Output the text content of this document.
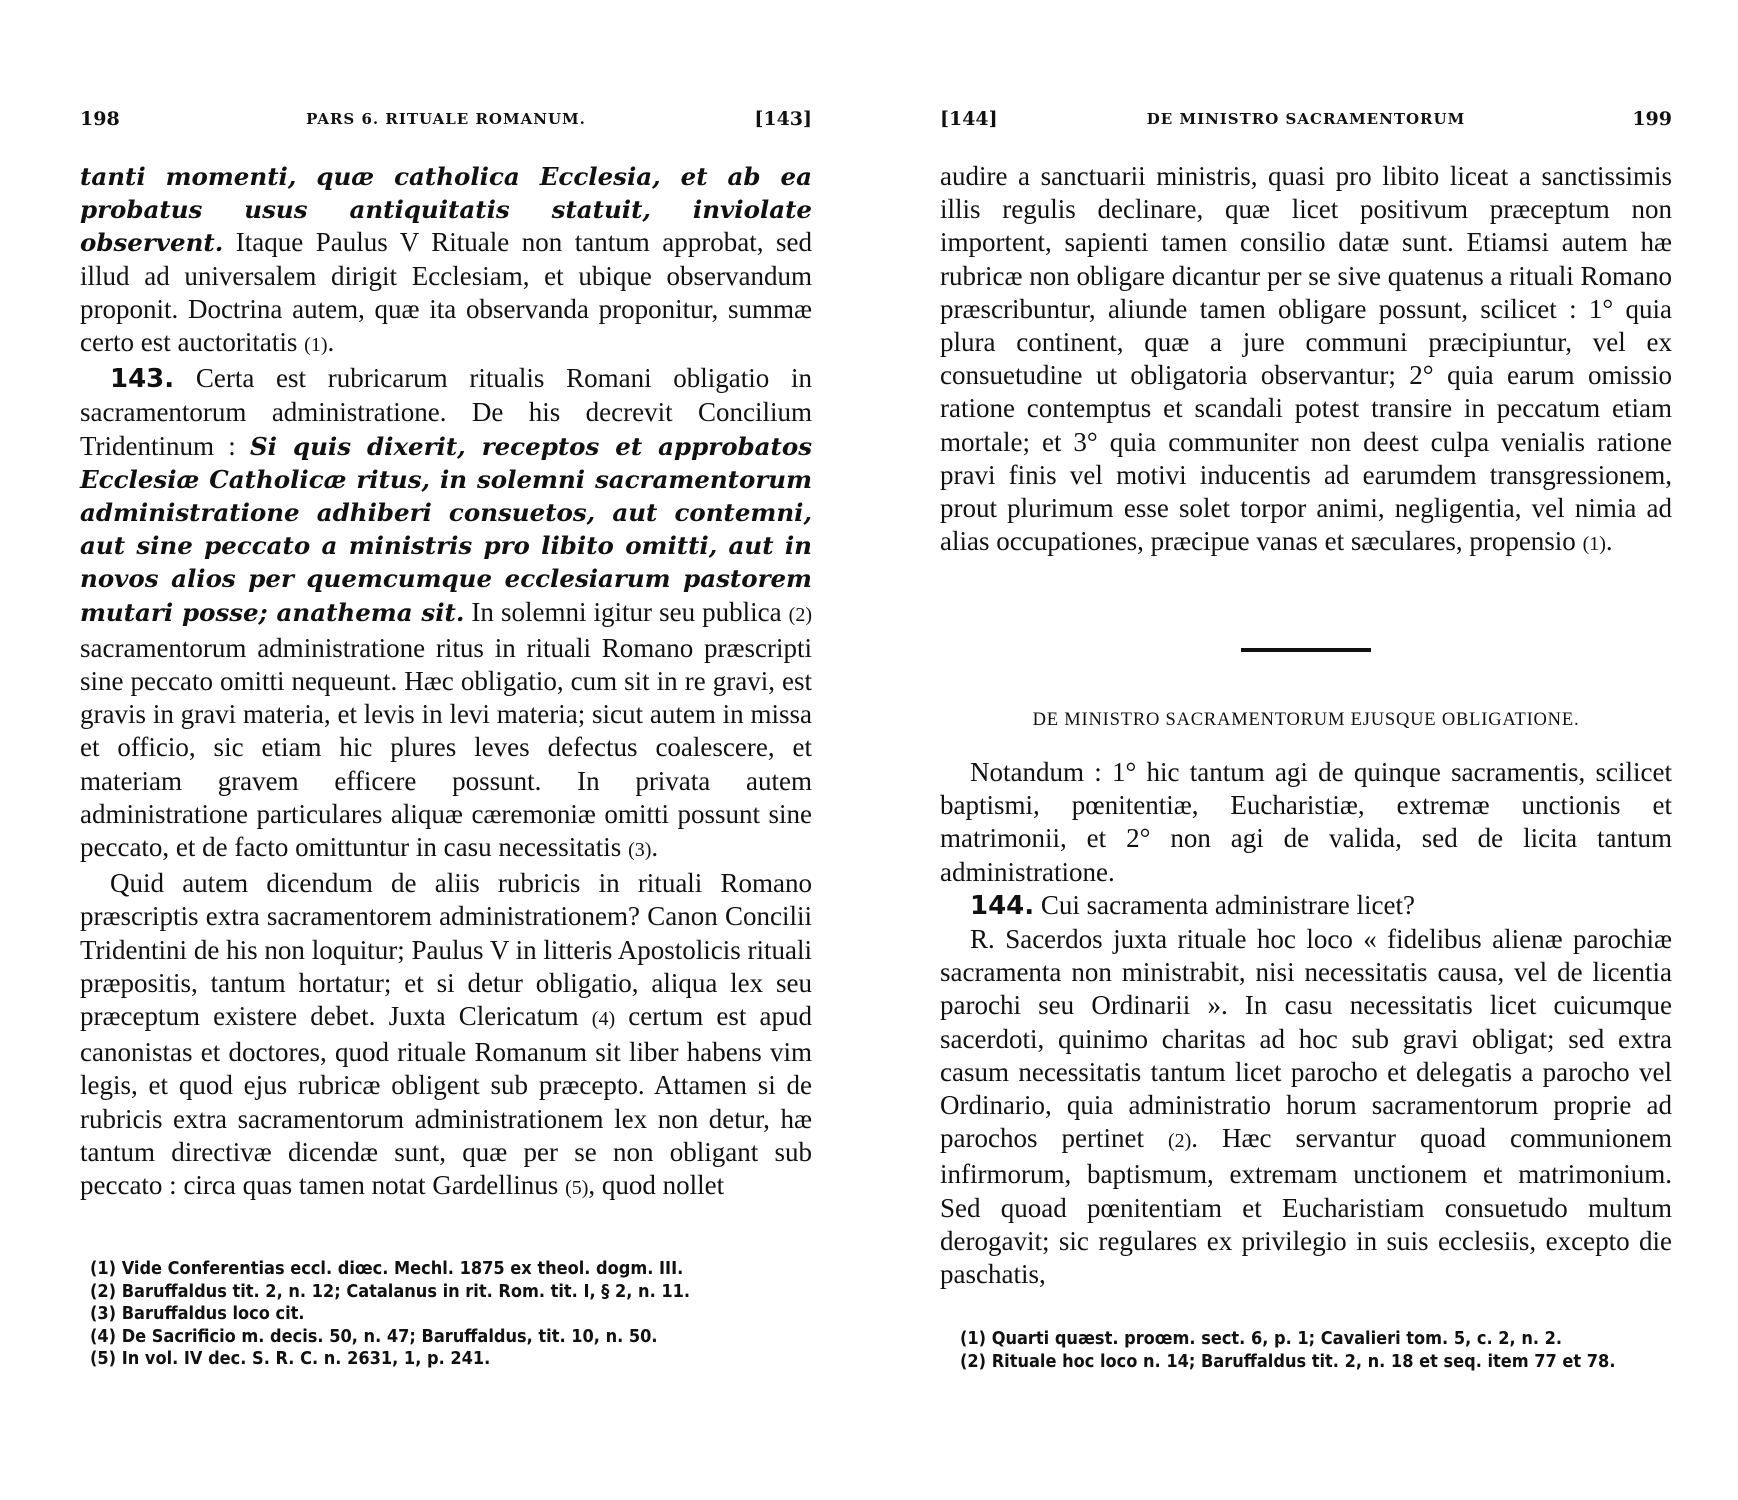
198	PARS 6. RITUALE ROMANUM.	[143]

tanti momenti, quæ catholica Ecclesia, et ab ea probatus usus antiquitatis statuit, inviolate observent. Itaque Paulus V Rituale non tantum approbat, sed illud ad universalem dirigit Ecclesiam, et ubique observandum proponit. Doctrina autem, quæ ita observanda proponitur, summæ certo est auctoritatis (1).

143. Certa est rubricarum ritualis Romani obligatio in sacramentorum administratione. De his decrevit Concilium Tridentinum : Si quis dixerit, receptos et approbatos Ecclesiæ Catholicæ ritus, in solemni sacramentorum administratione adhiberi consuetos, aut contemni, aut sine peccato a ministris pro libito omitti, aut in novos alios per quemcumque ecclesiarum pastorem mutari posse; anathema sit. In solemni igitur seu publica (2) sacramentorum administratione ritus in rituali Romano præscripti sine peccato omitti nequeunt. Hæc obligatio, cum sit in re gravi, est gravis in gravi materia, et levis in levi materia; sicut autem in missa et officio, sic etiam hic plures leves defectus coalescere, et materiam gravem efficere possunt. In privata autem administratione particulares aliquæ cæremoniæ omitti possunt sine peccato, et de facto omittuntur in casu necessitatis (3).

Quid autem dicendum de aliis rubricis in rituali Romano præscriptis extra sacramentorem administrationem? Canon Concilii Tridentini de his non loquitur; Paulus V in litteris Apostolicis rituali præpositis, tantum hortatur; et si detur obligatio, aliqua lex seu præceptum existere debet. Juxta Clericatum (4) certum est apud canonistas et doctores, quod rituale Romanum sit liber habens vim legis, et quod ejus rubricæ obligent sub præcepto. Attamen si de rubricis extra sacramentorum administrationem lex non detur, hæ tantum directivæ dicendæ sunt, quæ per se non obligant sub peccato : circa quas tamen notat Gardellinus (5), quod nollet

(1) Vide Conferentias eccl. diœc. Mechl. 1875 ex theol. dogm. III.
(2) Baruffaldus tit. 2, n. 12; Catalanus in rit. Rom. tit. I, § 2, n. 11.
(3) Baruffaldus loco cit.
(4) De Sacrificio m. decis. 50, n. 47; Baruffaldus, tit. 10, n. 50.
(5) In vol. IV dec. S. R. C. n. 2631, 1, p. 241.
[144]	DE MINISTRO SACRAMENTORUM	199

audire a sanctuarii ministris, quasi pro libito liceat a sanctissimis illis regulis declinare, quæ licet positivum præceptum non importent, sapienti tamen consilio datæ sunt. Etiamsi autem hæ rubricæ non obligare dicantur per se sive quatenus a rituali Romano præscribuntur, aliunde tamen obligare possunt, scilicet : 1° quia plura continent, quæ a jure communi præcipiuntur, vel ex consuetudine ut obligatoria observantur; 2° quia earum omissio ratione contemptus et scandali potest transire in peccatum etiam mortale; et 3° quia communiter non deest culpa venialis ratione pravi finis vel motivi inducentis ad earumdem transgressionem, prout plurimum esse solet torpor animi, negligentia, vel nimia ad alias occupationes, præcipue vanas et sæculares, propensio (1).

DE MINISTRO SACRAMENTORUM EJUSQUE OBLIGATIONE.

Notandum : 1° hic tantum agi de quinque sacramentis, scilicet baptismi, pœnitentiæ, Eucharistiæ, extremæ unctionis et matrimonii, et 2° non agi de valida, sed de licita tantum administratione.

144. Cui sacramenta administrare licet?

R. Sacerdos juxta rituale hoc loco « fidelibus alienæ parochiæ sacramenta non ministrabit, nisi necessitatis causa, vel de licentia parochi seu Ordinarii ». In casu necessitatis licet cuicumque sacerdoti, quinimo charitas ad hoc sub gravi obligat; sed extra casum necessitatis tantum licet parocho et delegatis a parocho vel Ordinario, quia administratio horum sacramentorum proprie ad parochos pertinet (2). Hæc servantur quoad communionem infirmorum, baptismum, extremam unctionem et matrimonium. Sed quoad pœnitentiam et Eucharistiam consuetudo multum derogavit; sic regulares ex privilegio in suis ecclesiis, excepto die paschatis,

(1) Quarti quæst. proœm. sect. 6, p. 1; Cavalieri tom. 5, c. 2, n. 2.
(2) Rituale hoc loco n. 14; Baruffaldus tit. 2, n. 18 et seq. item 77 et 78.
